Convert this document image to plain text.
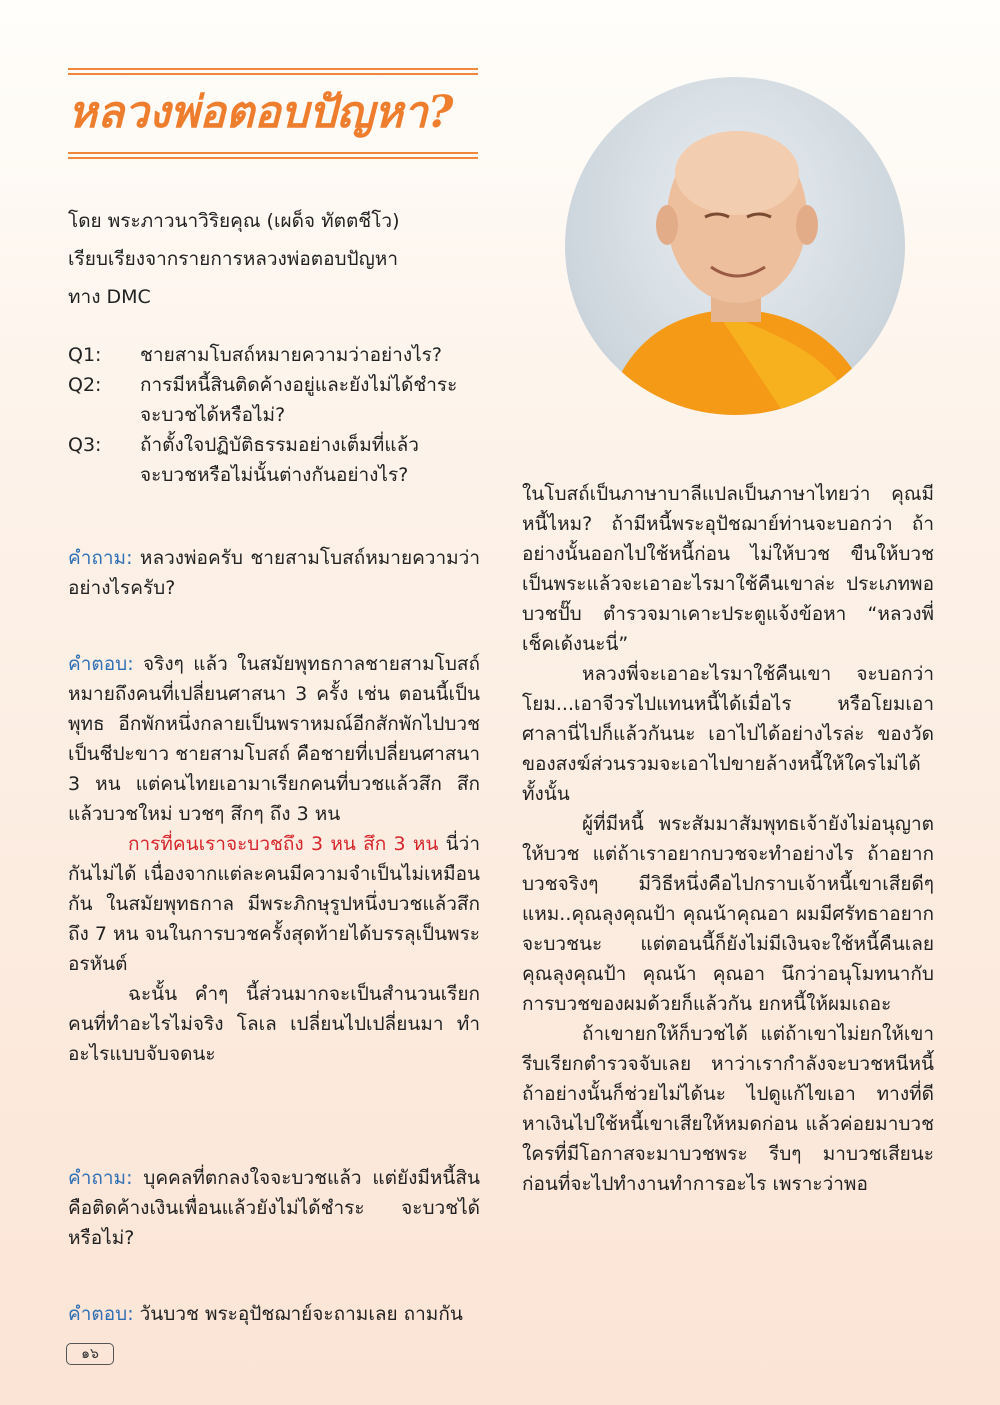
หลวงพ่อตอบปัญหา?
โดย พระภาวนาวิริยคุณ (เผด็จ ทัตตชีโว)
เรียบเรียงจากรายการหลวงพ่อตอบปัญหา
ทาง DMC
Q1:	ชายสามโบสถ์หมายความว่าอย่างไร?
Q2:	การมีหนี้สินติดค้างอยู่และยังไม่ได้ชำระ
จะบวชได้หรือไม่?
Q3:	ถ้าตั้งใจปฏิบัติธรรมอย่างเต็มที่แล้ว
จะบวชหรือไม่นั้นต่างกันอย่างไร?

คำถาม: หลวงพ่อครับ ชายสามโบสถ์หมายความว่าอย่างไรครับ?

คำตอบ: จริงๆ แล้ว ในสมัยพุทธกาลชายสามโบสถ์หมายถึงคนที่เปลี่ยนศาสนา 3 ครั้ง เช่น ตอนนี้เป็นพุทธ อีกพักหนึ่งกลายเป็นพราหมณ์อีกสักพักไปบวชเป็นชีปะขาว ชายสามโบสถ์ คือชายที่เปลี่ยนศาสนา 3 หน แต่คนไทยเอามาเรียกคนที่บวชแล้วสึก สึกแล้วบวชใหม่ บวชๆ สึกๆ ถึง 3 หน

การที่คนเราจะบวชถึง 3 หน สึก 3 หน นี่ว่ากันไม่ได้ เนื่องจากแต่ละคนมีความจำเป็นไม่เหมือนกัน ในสมัยพุทธกาล มีพระภิกษุรูปหนึ่งบวชแล้วสึกถึง 7 หน จนในการบวชครั้งสุดท้ายได้บรรลุเป็นพระอรหันต์

ฉะนั้น คำๆ นี้ส่วนมากจะเป็นสำนวนเรียกคนที่ทำอะไรไม่จริง โลเล เปลี่ยนไปเปลี่ยนมา ทำอะไรแบบจับจดนะ

คำถาม: บุคคลที่ตกลงใจจะบวชแล้ว แต่ยังมีหนี้สิน คือติดค้างเงินเพื่อนแล้วยังไม่ได้ชำระ จะบวชได้หรือไม่?

คำตอบ: วันบวช พระอุปัชฌาย์จะถามเลย ถามกัน

ในโบสถ์เป็นภาษาบาลีแปลเป็นภาษาไทยว่า คุณมีหนี้ไหม? ถ้ามีหนี้พระอุปัชฌาย์ท่านจะบอกว่า ถ้าอย่างนั้นออกไปใช้หนี้ก่อน ไม่ให้บวช ขืนให้บวชเป็นพระแล้วจะเอาอะไรมาใช้คืนเขาล่ะ ประเภทพอบวชปั๊บ ตำรวจมาเคาะประตูแจ้งข้อหา “หลวงพี่เช็คเด้งนะนี่”

หลวงพี่จะเอาอะไรมาใช้คืนเขา จะบอกว่าโยม...เอาจีวรไปแทนหนี้ได้เมื่อไร หรือโยมเอาศาลานี่ไปก็แล้วกันนะ เอาไปได้อย่างไรล่ะ ของวัดของสงฆ์ส่วนรวมจะเอาไปขายล้างหนี้ให้ใครไม่ได้ทั้งนั้น

ผู้ที่มีหนี้ พระสัมมาสัมพุทธเจ้ายังไม่อนุญาตให้บวช แต่ถ้าเราอยากบวชจะทำอย่างไร ถ้าอยากบวชจริงๆ มีวิธีหนึ่งคือไปกราบเจ้าหนี้เขาเสียดีๆ แหม..คุณลุงคุณป้า คุณน้าคุณอา ผมมีศรัทธาอยากจะบวชนะ แต่ตอนนี้ก็ยังไม่มีเงินจะใช้หนี้คืนเลย คุณลุงคุณป้า คุณน้า คุณอา นึกว่าอนุโมทนากับการบวชของผมด้วยก็แล้วกัน ยกหนี้ให้ผมเถอะ

ถ้าเขายกให้ก็บวชได้ แต่ถ้าเขาไม่ยกให้เขารีบเรียกตำรวจจับเลย หาว่าเรากำลังจะบวชหนีหนี้ ถ้าอย่างนั้นก็ช่วยไม่ได้นะ ไปดูแก้ไขเอา ทางที่ดีหาเงินไปใช้หนี้เขาเสียให้หมดก่อน แล้วค่อยมาบวช ใครที่มีโอกาสจะมาบวชพระ รีบๆ มาบวชเสียนะ ก่อนที่จะไปทำงานทำการอะไร เพราะว่าพอ

๑๖
